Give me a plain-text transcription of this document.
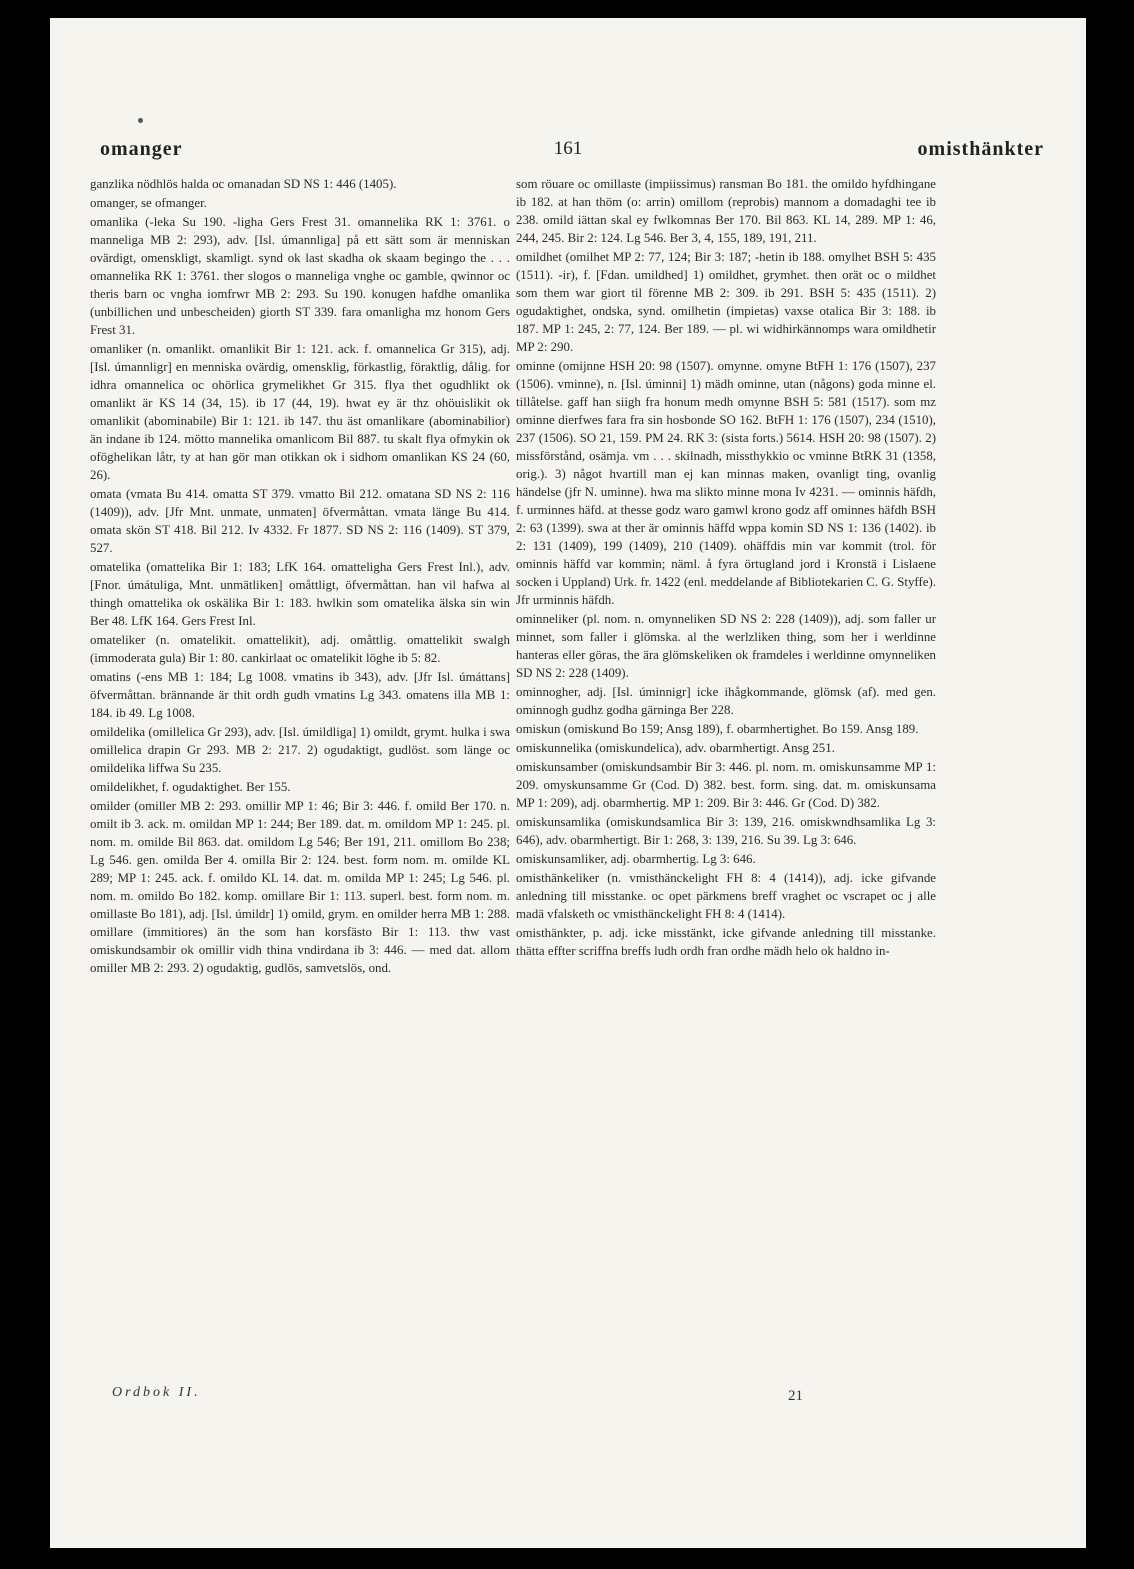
omanger	161	omisthänkter

ganzlika nödhlös halda oc omanadan SD NS 1: 446 (1405).

omanger, se ofmanger.

omanlika (-leka Su 190. -ligha Gers Frest 31. omannelika RK 1: 3761. o manneliga MB 2: 293), adv. [Isl. úmannliga] på ett sätt som är menniskan ovärdigt, omenskligt, skamligt. synd ok last skadha ok skaam begingo the . . . omannelika RK 1: 3761. ther slogos o manneliga vnghe oc gamble, qwinnor oc theris barn oc vngha iomfrwr MB 2: 293. Su 190. konugen hafdhe omanlika (unbillichen und unbescheiden) giorth ST 339. fara omanligha mz honom Gers Frest 31.

omanliker (n. omanlikt. omanlikit Bir 1: 121. ack. f. omannelica Gr 315), adj. [Isl. úmannligr] en menniska ovärdig, omensklig, förkastlig, föraktlig, dålig. for idhra omannelica oc ohörlica grymelikhet Gr 315. flya thet ogudhlikt ok omanlikt är KS 14 (34, 15). ib 17 (44, 19). hwat ey är thz ohöuislikit ok omanlikit (abominabile) Bir 1: 121. ib 147. thu äst omanlikare (abominabilior) än indane ib 124. mötto mannelika omanlicom Bil 887. tu skalt flya ofmykin ok oföghelikan låtr, ty at han gör man otikkan ok i sidhom omanlikan KS 24 (60, 26).

omata (vmata Bu 414. omatta ST 379. vmatto Bil 212. omatana SD NS 2: 116 (1409)), adv. [Jfr Mnt. unmate, unmaten] öfvermåttan. vmata länge Bu 414. omata skön ST 418. Bil 212. Iv 4332. Fr 1877. SD NS 2: 116 (1409). ST 379, 527.

omatelika (omattelika Bir 1: 183; LfK 164. omatteligha Gers Frest Inl.), adv. [Fnor. úmátuliga, Mnt. unmätliken] omåttligt, öfvermåttan. han vil hafwa al thingh omattelika ok oskälika Bir 1: 183. hwlkin som omatelika älska sin win Ber 48. LfK 164. Gers Frest Inl.

omateliker (n. omatelikit. omattelikit), adj. omåttlig. omattelikit swalgh (immoderata gula) Bir 1: 80. cankirlaat oc omatelikit löghe ib 5: 82.

omatins (-ens MB 1: 184; Lg 1008. vmatins ib 343), adv. [Jfr Isl. úmáttans] öfvermåttan. brännande är thit ordh gudh vmatins Lg 343. omatens illa MB 1: 184. ib 49. Lg 1008.

omildelika (omillelica Gr 293), adv. [Isl. úmildliga] 1) omildt, grymt. hulka i swa omillelica drapin Gr 293. MB 2: 217. 2) ogudaktigt, gudlöst. som länge oc omildelika liffwa Su 235.

omildelikhet, f. ogudaktighet. Ber 155.

omilder (omiller MB 2: 293. omillir MP 1: 46; Bir 3: 446. f. omild Ber 170. n. omilt ib 3. ack. m. omildan MP 1: 244; Ber 189. dat. m. omildom MP 1: 245. pl. nom. m. omilde Bil 863. dat. omildom Lg 546; Ber 191, 211. omillom Bo 238; Lg 546. gen. omilda Ber 4. omilla Bir 2: 124. best. form nom. m. omilde KL 289; MP 1: 245. ack. f. omildo KL 14. dat. m. omilda MP 1: 245; Lg 546. pl. nom. m. omildo Bo 182. komp. omillare Bir 1: 113. superl. best. form nom. m. omillaste Bo 181), adj. [Isl. úmildr] 1) omild, grym. en omilder herra MB 1: 288. omillare (immitiores) än the som han korsfästo Bir 1: 113. thw vast omiskundsambir ok omillir vidh thina vndirdana ib 3: 446. — med dat. allom omiller MB 2: 293. 2) ogudaktig, gudlös, samvetslös, ond.

som röuare oc omillaste (impiissimus) ransman Bo 181. the omildo hyfdhingane ib 182. at han thöm (o: arrin) omillom (reprobis) mannom a domadaghi tee ib 238. omild iättan skal ey fwlkomnas Ber 170. Bil 863. KL 14, 289. MP 1: 46, 244, 245. Bir 2: 124. Lg 546. Ber 3, 4, 155, 189, 191, 211.

omildhet (omilhet MP 2: 77, 124; Bir 3: 187; -hetin ib 188. omylhet BSH 5: 435 (1511). -ir), f. [Fdan. umildhed] 1) omildhet, grymhet. then orät oc o mildhet som them war giort til förenne MB 2: 309. ib 291. BSH 5: 435 (1511). 2) ogudaktighet, ondska, synd. omilhetin (impietas) vaxse otalica Bir 3: 188. ib 187. MP 1: 245, 2: 77, 124. Ber 189. — pl. wi widhirkännomps wara omildhetir MP 2: 290.

ominne (omijnne HSH 20: 98 (1507). omynne. omyne BtFH 1: 176 (1507), 237 (1506). vminne), n. [Isl. úminni] 1) mädh ominne, utan (någons) goda minne el. tillåtelse. gaff han siigh fra honum medh omynne BSH 5: 581 (1517). som mz ominne dierfwes fara fra sin hosbonde SO 162. BtFH 1: 176 (1507), 234 (1510), 237 (1506). SO 21, 159. PM 24. RK 3: (sista forts.) 5614. HSH 20: 98 (1507). 2) missförstånd, osämja. vm . . . skilnadh, missthykkio oc vminne BtRK 31 (1358, orig.). 3) något hvartill man ej kan minnas maken, ovanligt ting, ovanlig händelse (jfr N. uminne). hwa ma slikto minne mona Iv 4231. — ominnis häfdh, f. urminnes häfd. at thesse godz waro gamwl krono godz aff ominnes häfdh BSH 2: 63 (1399). swa at ther är ominnis häffd wppa komin SD NS 1: 136 (1402). ib 2: 131 (1409), 199 (1409), 210 (1409). ohäffdis min var kommit (trol. för ominnis häffd var kommin; näml. å fyra örtugland jord i Kronstä i Lislaene socken i Uppland) Urk. fr. 1422 (enl. meddelande af Bibliotekarien C. G. Styffe). Jfr urminnis häfdh.

ominneliker (pl. nom. n. omynneliken SD NS 2: 228 (1409)), adj. som faller ur minnet, som faller i glömska. al the werlzliken thing, som her i werldinne hanteras eller göras, the ära glömskeliken ok framdeles i werldinne omynneliken SD NS 2: 228 (1409).

ominnogher, adj. [Isl. úminnigr] icke ihågkommande, glömsk (af). med gen. ominnogh gudhz godha gärninga Ber 228.

omiskun (omiskund Bo 159; Ansg 189), f. obarmhertighet. Bo 159. Ansg 189.

omiskunnelika (omiskundelica), adv. obarmhertigt. Ansg 251.

omiskunsamber (omiskundsambir Bir 3: 446. pl. nom. m. omiskunsamme MP 1: 209. omyskunsamme Gr (Cod. D) 382. best. form. sing. dat. m. omiskunsama MP 1: 209), adj. obarmhertig. MP 1: 209. Bir 3: 446. Gr (Cod. D) 382.

omiskunsamlika (omiskundsamlica Bir 3: 139, 216. omiskwndhsamlika Lg 3: 646), adv. obarmhertigt. Bir 1: 268, 3: 139, 216. Su 39. Lg 3: 646.

omiskunsamliker, adj. obarmhertig. Lg 3: 646.

omisthänkeliker (n. vmisthänckelight FH 8: 4 (1414)), adj. icke gifvande anledning till misstanke. oc opet pärkmens breff vraghet oc vscrapet oc j alle madä vfalsketh oc vmisthänckelight FH 8: 4 (1414).

omisthänkter, p. adj. icke misstänkt, icke gifvande anledning till misstanke. thätta effter scriffna breffs ludh ordh fran ordhe mädh helo ok haldno in-

Ordbok II.	21
